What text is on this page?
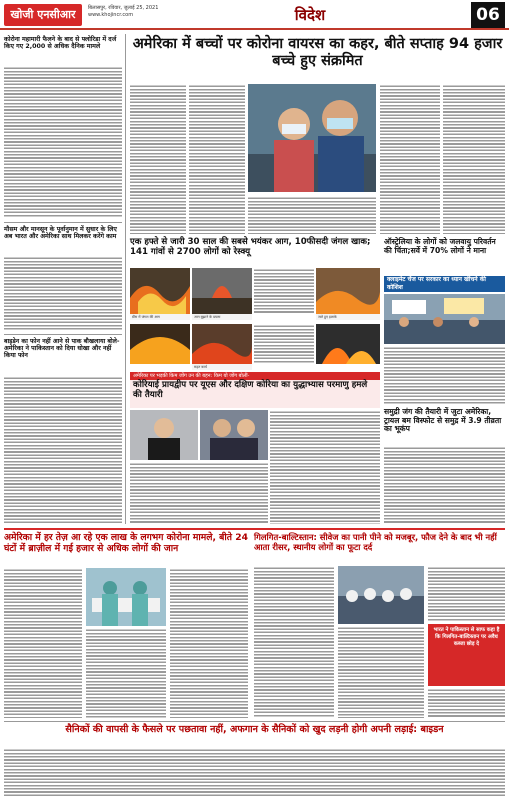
खोजी एनसीआर	बिलासपुर, रविवार, जुलाई 25, 2021
www.khojincr.com	विदेश	06
कोरोना महामारी फैलने के बाद से फ्लोरिडा में दर्ज किए गए 2,000 से अधिक दैनिक मामले
मौसम और मानसून के पूर्वानुमान में सुधार के लिए अब भारत और अमेरिका साथ मिलकर करेंगे काम
बाइडेन का फोन नहीं आने से पाक बौखलाया बोले- अमेरिका ने पाकिस्तान को दिया धोखा और नहीं किया फोन
अमेरिका में बच्चों पर कोरोना वायरस का कहर, बीते सप्ताह 94 हजार बच्चे हुए संक्रमित
एक हफ्ते से जारी 30 साल की सबसे भयंकर आग, 10फीसदी जंगल खाक; 141 गांवों से 2700 लोगों को रेस्क्यू
ग्रीस में जंगल की आग	आग बुझाने के प्रयास	जले हुए इलाके
राहत कार्य
ऑस्ट्रेलिया के लोगों को जलवायु परिवर्तन की चिंता;सर्वे में 70% लोगों ने माना
क्लाइमेट चेंज पर सरकार का ध्यान खींचने की कोशिश
अमेरिका पर भड़की किम जोंग उन की बहन: किम यो जोंग बोलीं-
कोरियाई प्रायद्वीप पर यूएस और दक्षिण कोरिया का युद्धाभ्यास परमाणु हमले की तैयारी
समुद्री जंग की तैयारी में जुटा अमेरिका, ट्रायल बम विस्फोट से समुद्र में 3.9 तीव्रता का भूकंप
अमेरिका में हर तेज़ आ रहे एक लाख के लगभग कोरोना मामले, बीते 24 घंटों में ब्राज़ील में गई हजार से अधिक लोगों की जान
गिलगित-बाल्टिस्तान: सीवेज का पानी पीने को मजबूर, फौज देने के बाद भी नहीं आता रीसर, स्थानीय लोगों का फूटा दर्द
भारत ने पाकिस्तान से साफ कहा है कि गिलगित-बाल्टिस्तान पर अवैध कब्जा छोड़ दे
सैनिकों की वापसी के फैसले पर पछतावा नहीं, अफगान के सैनिकों को खुद लड़नी होगी अपनी लड़ाई: बाइडन
